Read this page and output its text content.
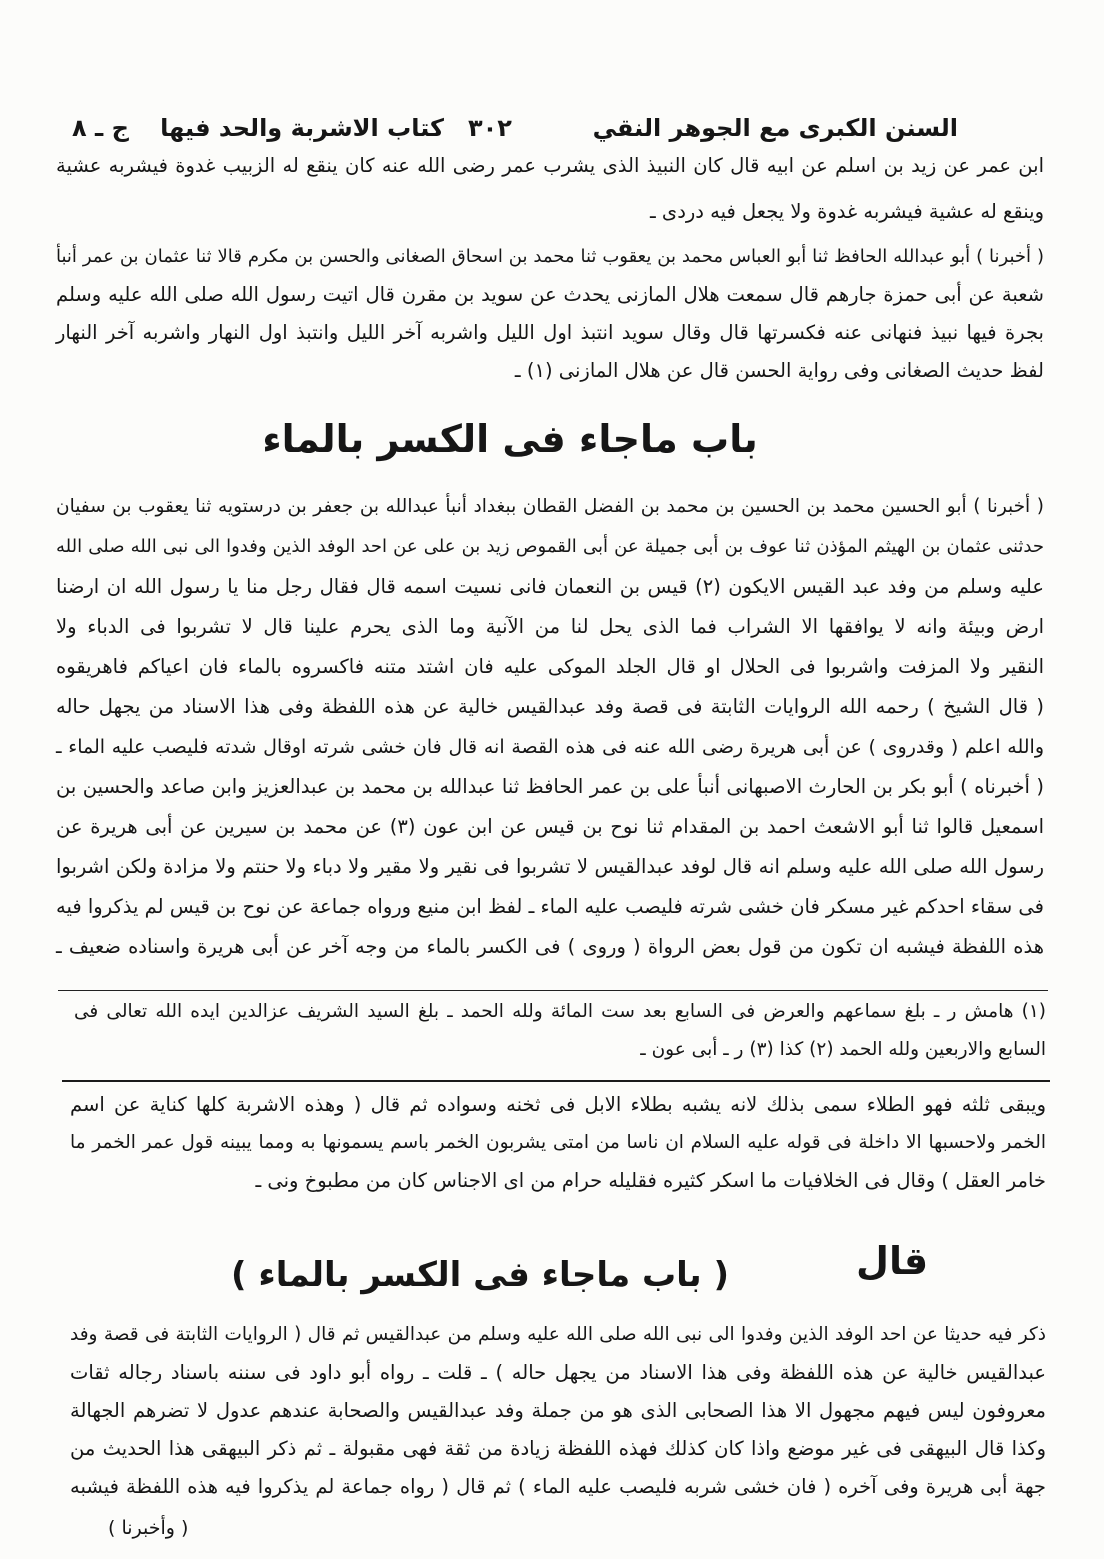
السنن الكبرى مع الجوهر النقي
٣٠٢
كتاب الاشربة والحد فيها
ج ـ ٨
ابن عمر عن زيد بن اسلم عن ابيه قال كان النبيذ الذى يشرب عمر رضى الله عنه كان ينقع له الزبيب غدوة فيشربه عشية
وينقع له عشية فيشربه غدوة ولا يجعل فيه دردى ـ
( أخبرنا ) أبو عبدالله الحافظ ثنا أبو العباس محمد بن يعقوب ثنا محمد بن اسحاق الصغانى والحسن بن مكرم قالا ثنا عثمان بن عمر أنبأ
شعبة عن أبى حمزة جارهم قال سمعت هلال المازنى يحدث عن سويد بن مقرن قال اتيت رسول الله صلى الله عليه وسلم
بجرة فيها نبيذ فنهانى عنه فكسرتها قال وقال سويد انتبذ اول الليل واشربه آخر الليل وانتبذ اول النهار واشربه آخر النهار
لفظ حديث الصغانى وفى رواية الحسن قال عن هلال المازنى (١) ـ
باب ماجاء فى الكسر بالماء
( أخبرنا ) أبو الحسين محمد بن الحسين بن محمد بن الفضل القطان ببغداد أنبأ عبدالله بن جعفر بن درستويه ثنا يعقوب بن سفيان
حدثنى عثمان بن الهيثم المؤذن ثنا عوف بن أبى جميلة عن أبى القموص زيد بن على عن احد الوفد الذين وفدوا الى نبى الله صلى الله
عليه وسلم من وفد عبد القيس الايكون (٢) قيس بن النعمان فانى نسيت اسمه قال فقال رجل منا يا رسول الله ان ارضنا
ارض وبيئة وانه لا يوافقها الا الشراب فما الذى يحل لنا من الآنية وما الذى يحرم علينا قال لا تشربوا فى الدباء ولا
النقير ولا المزفت واشربوا فى الحلال او قال الجلد الموكى عليه فان اشتد متنه فاكسروه بالماء فان اعياكم فاهريقوه
( قال الشيخ ) رحمه الله الروايات الثابتة فى قصة وفد عبدالقيس خالية عن هذه اللفظة وفى هذا الاسناد من يجهل حاله
والله اعلم ( وقدروى ) عن أبى هريرة رضى الله عنه فى هذه القصة انه قال فان خشى شرته اوقال شدته فليصب عليه الماء ـ
( أخبرناه ) أبو بكر بن الحارث الاصبهانى أنبأ على بن عمر الحافظ ثنا عبدالله بن محمد بن عبدالعزيز وابن صاعد والحسين بن
اسمعيل قالوا ثنا أبو الاشعث احمد بن المقدام ثنا نوح بن قيس عن ابن عون (٣) عن محمد بن سيرين عن أبى هريرة عن
رسول الله صلى الله عليه وسلم انه قال لوفد عبدالقيس لا تشربوا فى نقير ولا مقير ولا دباء ولا حنتم ولا مزادة ولكن اشربوا
فى سقاء احدكم غير مسكر فان خشى شرته فليصب عليه الماء ـ لفظ ابن منيع ورواه جماعة عن نوح بن قيس لم يذكروا فيه
هذه اللفظة فيشبه ان تكون من قول بعض الرواة ( وروى ) فى الكسر بالماء من وجه آخر عن أبى هريرة واسناده ضعيف ـ
(١) هامش ر ـ بلغ سماعهم والعرض فى السابع بعد ست المائة ولله الحمد ـ بلغ السيد الشريف عزالدين ايده الله تعالى فى
السابع والاربعين ولله الحمد (٢) كذا (٣) ر ـ أبى عون ـ
ويبقى ثلثه فهو الطلاء سمى بذلك لانه يشبه بطلاء الابل فى ثخنه وسواده ثم قال ( وهذه الاشربة كلها كناية عن اسم
الخمر ولاحسبها الا داخلة فى قوله عليه السلام ان ناسا من امتى يشربون الخمر باسم يسمونها به ومما يبينه قول عمر الخمر ما
خامر العقل ) وقال فى الخلافيات ما اسكر كثيره فقليله حرام من اى الاجناس كان من مطبوخ ونى ـ
قال
( باب ماجاء فى الكسر بالماء )
ذكر فيه حديثا عن احد الوفد الذين وفدوا الى نبى الله صلى الله عليه وسلم من عبدالقيس ثم قال ( الروايات الثابتة فى قصة وفد
عبدالقيس خالية عن هذه اللفظة وفى هذا الاسناد من يجهل حاله ) ـ قلت ـ رواه أبو داود فى سننه باسناد رجاله ثقات
معروفون ليس فيهم مجهول الا هذا الصحابى الذى هو من جملة وفد عبدالقيس والصحابة عندهم عدول لا تضرهم الجهالة
وكذا قال البيهقى فى غير موضع واذا كان كذلك فهذه اللفظة زيادة من ثقة فهى مقبولة ـ ثم ذكر البيهقى هذا الحديث من
جهة أبى هريرة وفى آخره ( فان خشى شربه فليصب عليه الماء ) ثم قال ( رواه جماعة لم يذكروا فيه هذه اللفظة فيشبه
( وأخبرنا )
